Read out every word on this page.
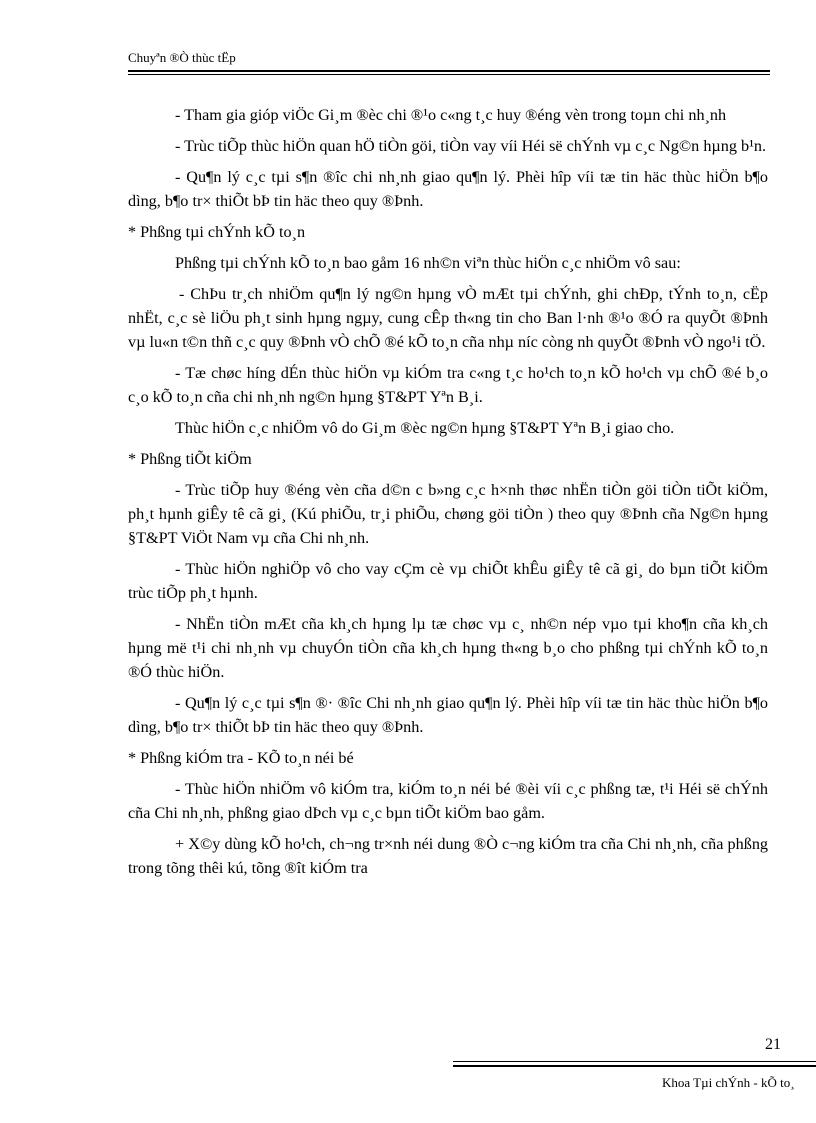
Chuyªn ®Ò thùc tËp

- Tham gia gióp viÖc Gi¸m ®èc chi ®¹o c«ng t¸c huy ®éng vèn trong toµn chi nh¸nh

- Trùc tiÕp thùc hiÖn quan hÖ tiÒn göi, tiÒn vay víi Héi së chÝnh vµ c¸c Ng©n hµng b¹n.

- Qu¶n lý c¸c tµi s¶n ®îc chi nh¸nh giao qu¶n lý. Phèi hîp víi tæ tin häc thùc hiÖn b¶o dìng, b¶o tr× thiÕt bÞ tin häc theo quy ®Þnh.

* Phßng tµi chÝnh kÕ to¸n

Phßng tµi chÝnh kÕ to¸n bao gåm 16 nh©n viªn thùc hiÖn c¸c nhiÖm vô sau:

- ChÞu tr¸ch nhiÖm qu¶n lý ng©n hµng vÒ mÆt tµi chÝnh, ghi chÐp, tÝnh to¸n, cËp nhËt, c¸c sè liÖu ph¸t sinh hµng ngµy, cung cÊp th«ng tin cho Ban l·nh ®¹o ®Ó ra quyÕt ®Þnh vµ lu«n t©n thñ c¸c quy ®Þnh vÒ chÕ ®é kÕ to¸n cña nhµ níc còng nh quyÕt ®Þnh vÒ ngo¹i tÖ.

- Tæ chøc híng dÉn thùc hiÖn vµ kiÓm tra c«ng t¸c ho¹ch to¸n kÕ ho¹ch vµ chÕ ®é b¸o c¸o kÕ to¸n cña chi nh¸nh ng©n hµng §T&PT Yªn B¸i.

Thùc hiÖn c¸c nhiÖm vô do Gi¸m ®èc ng©n hµng §T&PT Yªn B¸i giao cho.

* Phßng tiÕt kiÖm

- Trùc tiÕp huy ®éng vèn cña d©n c b»ng c¸c h×nh thøc nhËn tiÒn göi tiÒn tiÕt kiÖm, ph¸t hµnh giÊy tê cã gi¸ (Kú phiÕu, tr¸i phiÕu, chøng göi tiÒn ) theo quy ®Þnh cña Ng©n hµng §T&PT ViÖt Nam vµ cña Chi nh¸nh.

- Thùc hiÖn nghiÖp vô cho vay cÇm cè vµ chiÕt khÊu giÊy tê cã gi¸ do bµn tiÕt kiÖm trùc tiÕp ph¸t hµnh.

- NhËn tiÒn mÆt cña kh¸ch hµng lµ tæ chøc vµ c¸ nh©n nép vµo tµi kho¶n cña kh¸ch hµng më t¹i chi nh¸nh vµ chuyÓn tiÒn cña kh¸ch hµng th«ng b¸o cho phßng tµi chÝnh kÕ to¸n ®Ó thùc hiÖn.

- Qu¶n lý c¸c tµi s¶n ®· ®îc Chi nh¸nh giao qu¶n lý. Phèi hîp víi tæ tin häc thùc hiÖn b¶o dìng, b¶o tr× thiÕt bÞ tin häc theo quy ®Þnh.

* Phßng kiÓm tra - KÕ to¸n néi bé

- Thùc hiÖn nhiÖm vô kiÓm tra, kiÓm to¸n néi bé ®èi víi c¸c phßng tæ, t¹i Héi së chÝnh cña Chi nh¸nh, phßng giao dÞch vµ c¸c bµn tiÕt kiÖm bao gåm.

+ X©y dùng kÕ ho¹ch, ch¬ng tr×nh néi dung ®Ò c¬ng kiÓm tra cña Chi nh¸nh, cña phßng trong tõng thêi kú, tõng ®ît kiÓm tra

21
Khoa Tµi chÝnh - kÕ to¸
